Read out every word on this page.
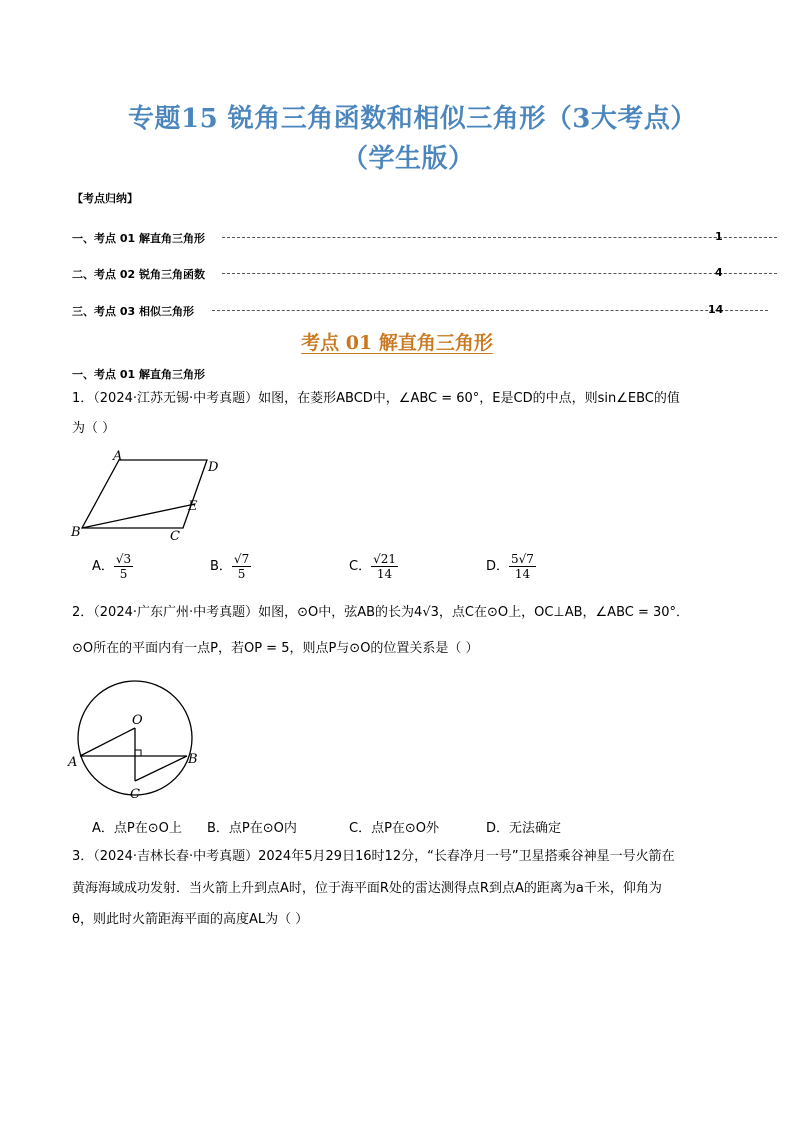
专题15 锐角三角函数和相似三角形（3大考点）
（学生版）
【考点归纳】
一、考点 01 解直角三角形	1
二、考点 02 锐角三角函数	4
三、考点 03 相似三角形	14
考点 01 解直角三角形
一、考点 01 解直角三角形
1．（2024·江苏无锡·中考真题）如图，在菱形ABCD中，∠ABC = 60°，E是CD的中点，则sin∠EBC的值
为（ ）
A
D
E
B	C
A． $\frac{√3}{5}$	B． $\frac{√7}{5}$	C． $\frac{√21}{14}$	D． $\frac{5√7}{14}$
2．（2024·广东广州·中考真题）如图，⊙O中，弦AB的长为4√3，点C在⊙O上，OC⊥AB，∠ABC = 30°．
⊙O所在的平面内有一点P，若OP = 5，则点P与⊙O的位置关系是（ ）
O
A	B
C
A．点P在⊙O上 B．点P在⊙O内	C．点P在⊙O外	D．无法确定
3．（2024·吉林长春·中考真题）2024年5月29日16时12分，“长春净月一号”卫星搭乘谷神星一号火箭在
黄海海域成功发射．当火箭上升到点A时，位于海平面R处的雷达测得点R到点A的距离为a千米，仰角为
θ，则此时火箭距海平面的高度AL为（ ）
